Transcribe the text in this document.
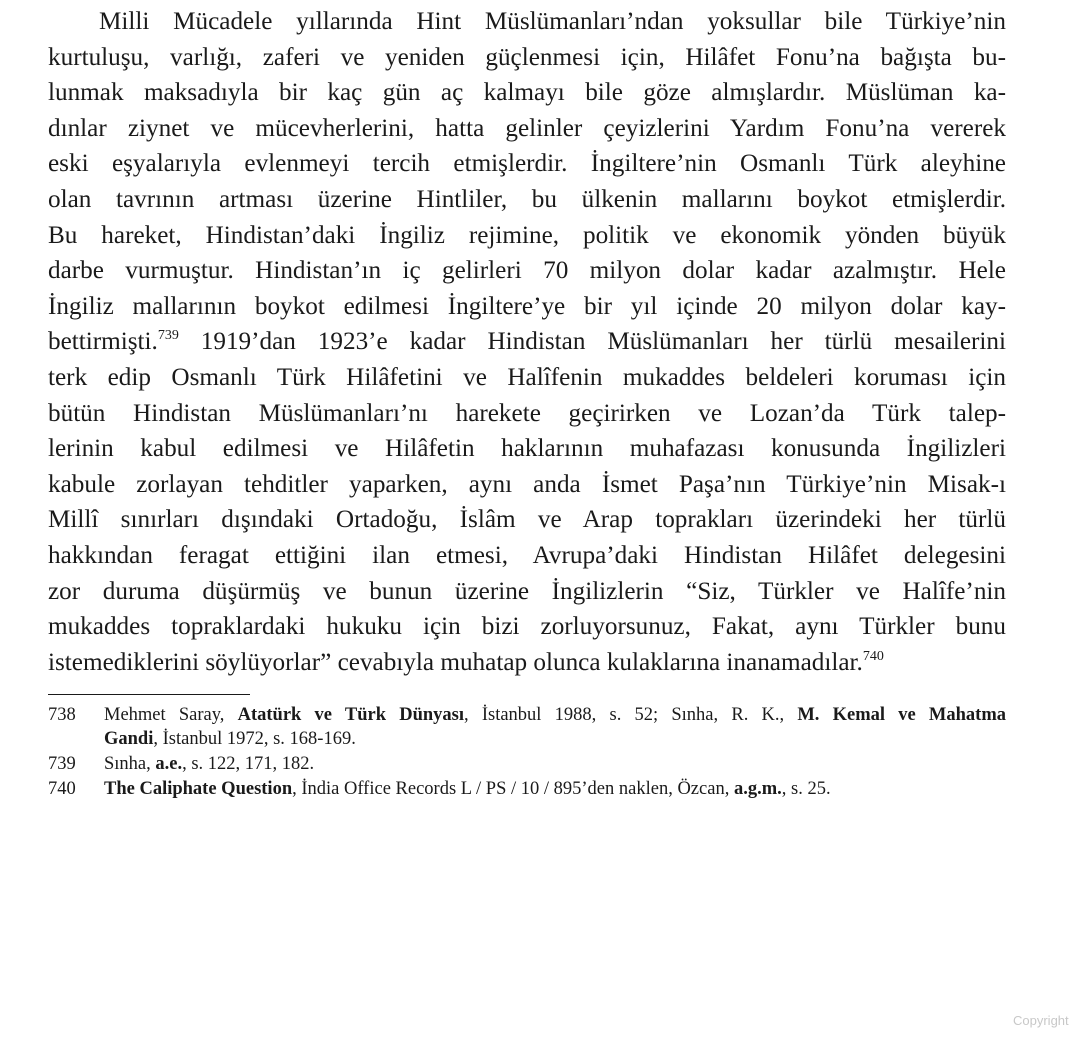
Milli Mücadele yıllarında Hint Müslümanları’ndan yoksullar bile Türkiye’nin
kurtuluşu, varlığı, zaferi ve yeniden güçlenmesi için, Hilâfet Fonu’na bağışta bu-
lunmak maksadıyla bir kaç gün aç kalmayı bile göze almışlardır. Müslüman ka-
dınlar ziynet ve mücevherlerini, hatta gelinler çeyizlerini Yardım Fonu’na vererek
eski eşyalarıyla evlenmeyi tercih etmişlerdir. İngiltere’nin Osmanlı Türk aleyhine
olan tavrının artması üzerine Hintliler, bu ülkenin mallarını boykot etmişlerdir.
Bu hareket, Hindistan’daki İngiliz rejimine, politik ve ekonomik yönden büyük
darbe vurmuştur. Hindistan’ın iç gelirleri 70 milyon dolar kadar azalmıştır. Hele
İngiliz mallarının boykot edilmesi İngiltere’ye bir yıl içinde 20 milyon dolar kay-
bettirmişti.$^{739}$ 1919’dan 1923’e kadar Hindistan Müslümanları her türlü mesailerini
terk edip Osmanlı Türk Hilâfetini ve Halîfenin mukaddes beldeleri koruması için
bütün Hindistan Müslümanları’nı harekete geçirirken ve Lozan’da Türk talep-
lerinin kabul edilmesi ve Hilâfetin haklarının muhafazası konusunda İngilizleri
kabule zorlayan tehditler yaparken, aynı anda İsmet Paşa’nın Türkiye’nin Misak-ı
Millî sınırları dışındaki Ortadoğu, İslâm ve Arap toprakları üzerindeki her türlü
hakkından feragat ettiğini ilan etmesi, Avrupa’daki Hindistan Hilâfet delegesini
zor duruma düşürmüş ve bunun üzerine İngilizlerin “Siz, Türkler ve Halîfe’nin
mukaddes topraklardaki hukuku için bizi zorluyorsunuz, Fakat, aynı Türkler bunu
istemediklerini söylüyorlar” cevabıyla muhatap olunca kulaklarına inanamadılar.$^{740}$
738	Mehmet Saray, Atatürk ve Türk Dünyası, İstanbul 1988, s. 52; Sınha, R. K., M. Kemal ve Mahatma
Gandi, İstanbul 1972, s. 168-169.
739	Sınha, a.e., s. 122, 171, 182.
740	The Caliphate Question, İndia Office Records L / PS / 10 / 895’den naklen, Özcan, a.g.m., s. 25.
Copyright
